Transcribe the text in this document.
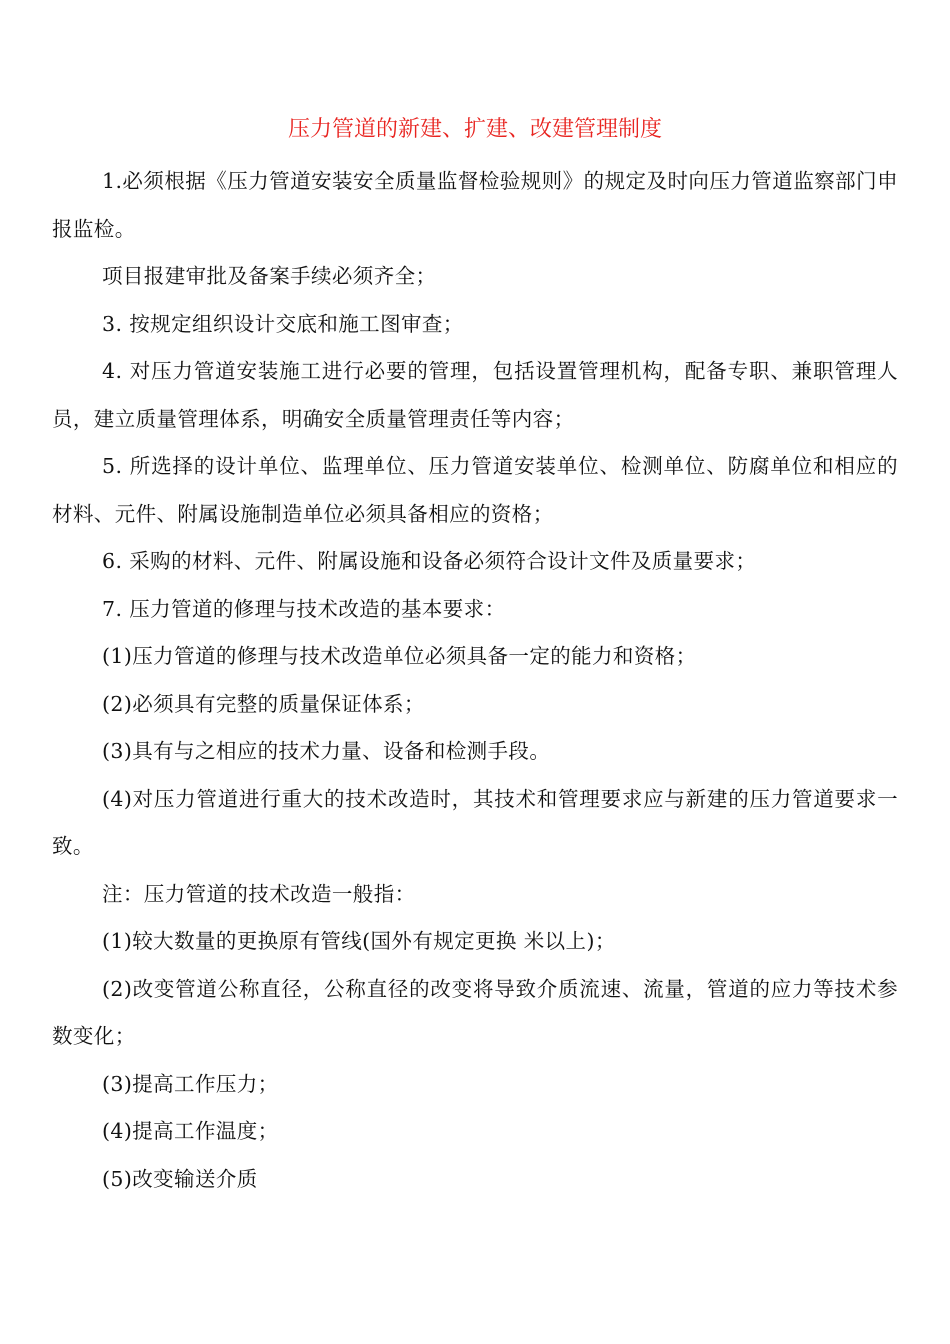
压力管道的新建、扩建、改建管理制度

1.必须根据《压力管道安装安全质量监督检验规则》的规定及时向压力管道监察部门申报监检。

项目报建审批及备案手续必须齐全；

3. 按规定组织设计交底和施工图审查；

4. 对压力管道安装施工进行必要的管理，包括设置管理机构，配备专职、兼职管理人员，建立质量管理体系，明确安全质量管理责任等内容；

5. 所选择的设计单位、监理单位、压力管道安装单位、检测单位、防腐单位和相应的材料、元件、附属设施制造单位必须具备相应的资格；

6. 采购的材料、元件、附属设施和设备必须符合设计文件及质量要求；

7. 压力管道的修理与技术改造的基本要求：

(1)压力管道的修理与技术改造单位必须具备一定的能力和资格；

(2)必须具有完整的质量保证体系；

(3)具有与之相应的技术力量、设备和检测手段。

(4)对压力管道进行重大的技术改造时，其技术和管理要求应与新建的压力管道要求一致。

注：压力管道的技术改造一般指：

(1)较大数量的更换原有管线(国外有规定更换 米以上)；

(2)改变管道公称直径，公称直径的改变将导致介质流速、流量，管道的应力等技术参数变化；

(3)提高工作压力；

(4)提高工作温度；

(5)改变输送介质
